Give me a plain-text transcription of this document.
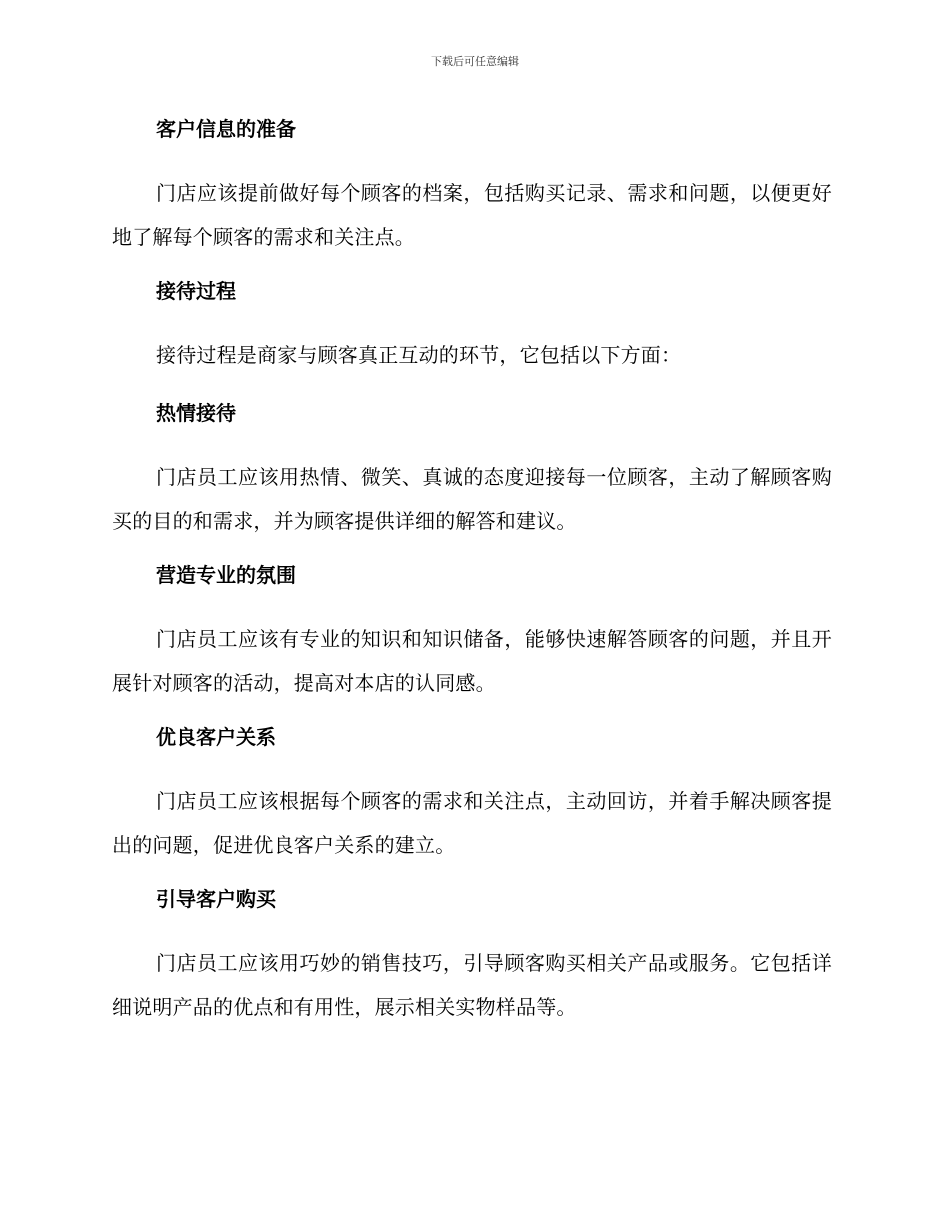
下载后可任意编辑
客户信息的准备

门店应该提前做好每个顾客的档案，包括购买记录、需求和问题，以便更好地了解每个顾客的需求和关注点。

接待过程

接待过程是商家与顾客真正互动的环节，它包括以下方面：

热情接待

门店员工应该用热情、微笑、真诚的态度迎接每一位顾客，主动了解顾客购买的目的和需求，并为顾客提供详细的解答和建议。

营造专业的氛围

门店员工应该有专业的知识和知识储备，能够快速解答顾客的问题，并且开展针对顾客的活动，提高对本店的认同感。

优良客户关系

门店员工应该根据每个顾客的需求和关注点，主动回访，并着手解决顾客提出的问题，促进优良客户关系的建立。

引导客户购买

门店员工应该用巧妙的销售技巧，引导顾客购买相关产品或服务。它包括详细说明产品的优点和有用性，展示相关实物样品等。
